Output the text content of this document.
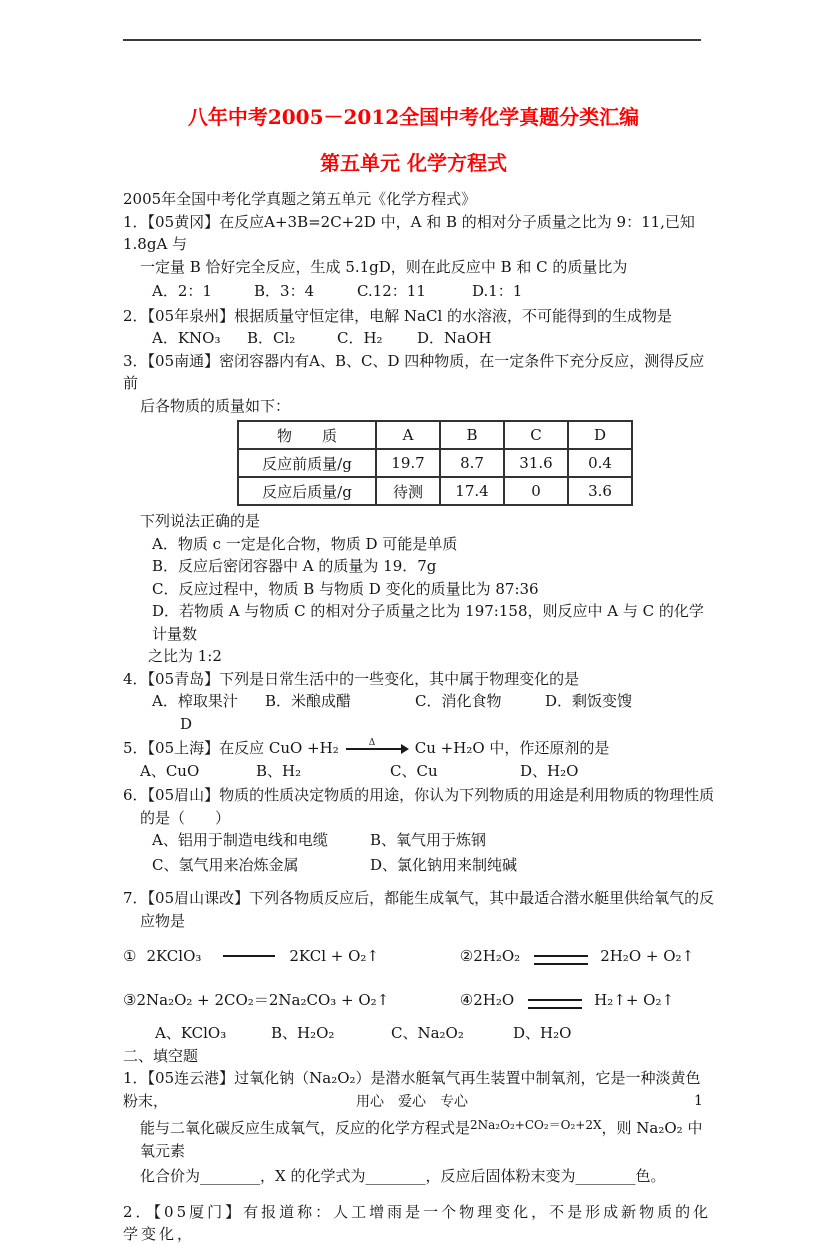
八年中考2005－2012全国中考化学真题分类汇编
第五单元 化学方程式
2005年全国中考化学真题之第五单元《化学方程式》
1．【05黄冈】在反应A+3B=2C+2D 中，A 和 B 的相对分子质量之比为 9：11,已知1.8gA 与
一定量 B 恰好完全反应，生成 5.1gD，则在此反应中 B 和 C 的质量比为
A．2：1	B．3：4	C.12：11	D.1：1
2．【05年泉州】根据质量守恒定律，电解 NaCl 的水溶液，不可能得到的生成物是
A．KNO₃	B．Cl₂	C．H₂	D．NaOH
3．【05南通】密闭容器内有A、B、C、D 四种物质，在一定条件下充分反应，测得反应前
后各物质的质量如下：
物　　质	A	B	C	D
反应前质量/g	19.7	8.7	31.6	0.4
反应后质量/g	待测	17.4	0	3.6
下列说法正确的是
A．物质 c 一定是化合物，物质 D 可能是单质
B．反应后密闭容器中 A 的质量为 19．7g
C．反应过程中，物质 B 与物质 D 变化的质量比为 87:36
D．若物质 A 与物质 C 的相对分子质量之比为 197:158，则反应中 A 与 C 的化学计量数
之比为 1:2
4．【05青岛】下列是日常生活中的一些变化，其中属于物理变化的是
A．榨取果汁	B．米酿成醋	C．消化食物	D．剩饭变馊
D
5．【05上海】在反应 CuO +H₂	Δ	Cu +H₂O 中，作还原剂的是
A、CuO	B、H₂	C、Cu	D、H₂O
6．【05眉山】物质的性质决定物质的用途，你认为下列物质的用途是利用物质的物理性质
的是（　　）
A、铝用于制造电线和电缆	B、氧气用于炼钢
C、氢气用来冶炼金属	D、氯化钠用来制纯碱
7．【05眉山课改】下列各物质反应后，都能生成氧气，其中最适合潜水艇里供给氧气的反
应物是
① 2KClO₃	2KCl + O₂↑	②2H₂O₂	2H₂O + O₂↑
③2Na₂O₂ + 2CO₂＝2Na₂CO₃ + O₂↑	④2H₂O	H₂↑+ O₂↑
A、KClO₃	B、H₂O₂	C、Na₂O₂	D、H₂O
二、填空题
1．【05连云港】过氧化钠（Na₂O₂）是潜水艇氧气再生装置中制氧剂，它是一种淡黄色粉末，
能与二氧化碳反应生成氧气，反应的化学方程式是$^{2Na_2O_2+CO_2=O_2+2X}$，则 Na₂O₂ 中氧元素
化合价为________，X 的化学式为________，反应后固体粉末变为________色。
2．【05厦门】有报道称：人工增雨是一个物理变化，不是形成新物质的化学变化，
用心　爱心　专心	1
